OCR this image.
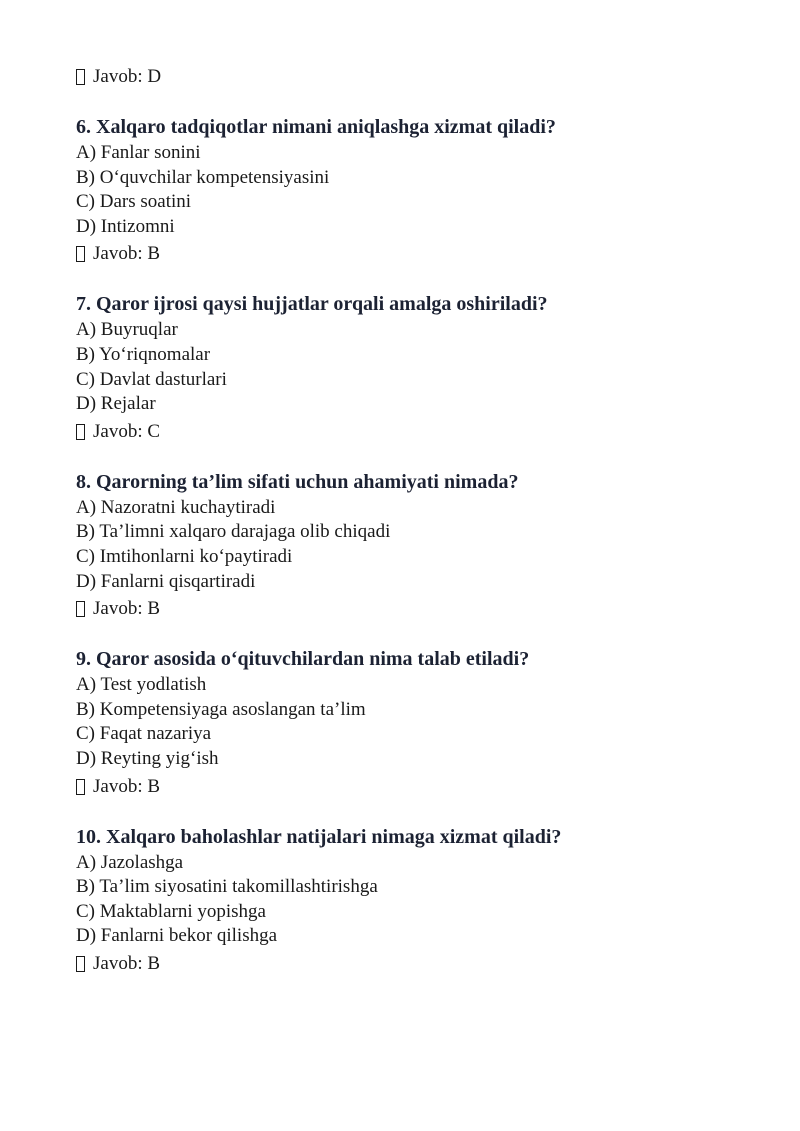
Javob: D
6. Xalqaro tadqiqotlar nimani aniqlashga xizmat qiladi?
A) Fanlar sonini
B) O‘quvchilar kompetensiyasini
C) Dars soatini
D) Intizomni
Javob: B
7. Qaror ijrosi qaysi hujjatlar orqali amalga oshiriladi?
A) Buyruqlar
B) Yo‘riqnomalar
C) Davlat dasturlari
D) Rejalar
Javob: C
8. Qarorning ta’lim sifati uchun ahamiyati nimada?
A) Nazoratni kuchaytiradi
B) Ta’limni xalqaro darajaga olib chiqadi
C) Imtihonlarni ko‘paytiradi
D) Fanlarni qisqartiradi
Javob: B
9. Qaror asosida o‘qituvchilardan nima talab etiladi?
A) Test yodlatish
B) Kompetensiyaga asoslangan ta’lim
C) Faqat nazariya
D) Reyting yig‘ish
Javob: B
10. Xalqaro baholashlar natijalari nimaga xizmat qiladi?
A) Jazolashga
B) Ta’lim siyosatini takomillashtirishga
C) Maktablarni yopishga
D) Fanlarni bekor qilishga
Javob: B
